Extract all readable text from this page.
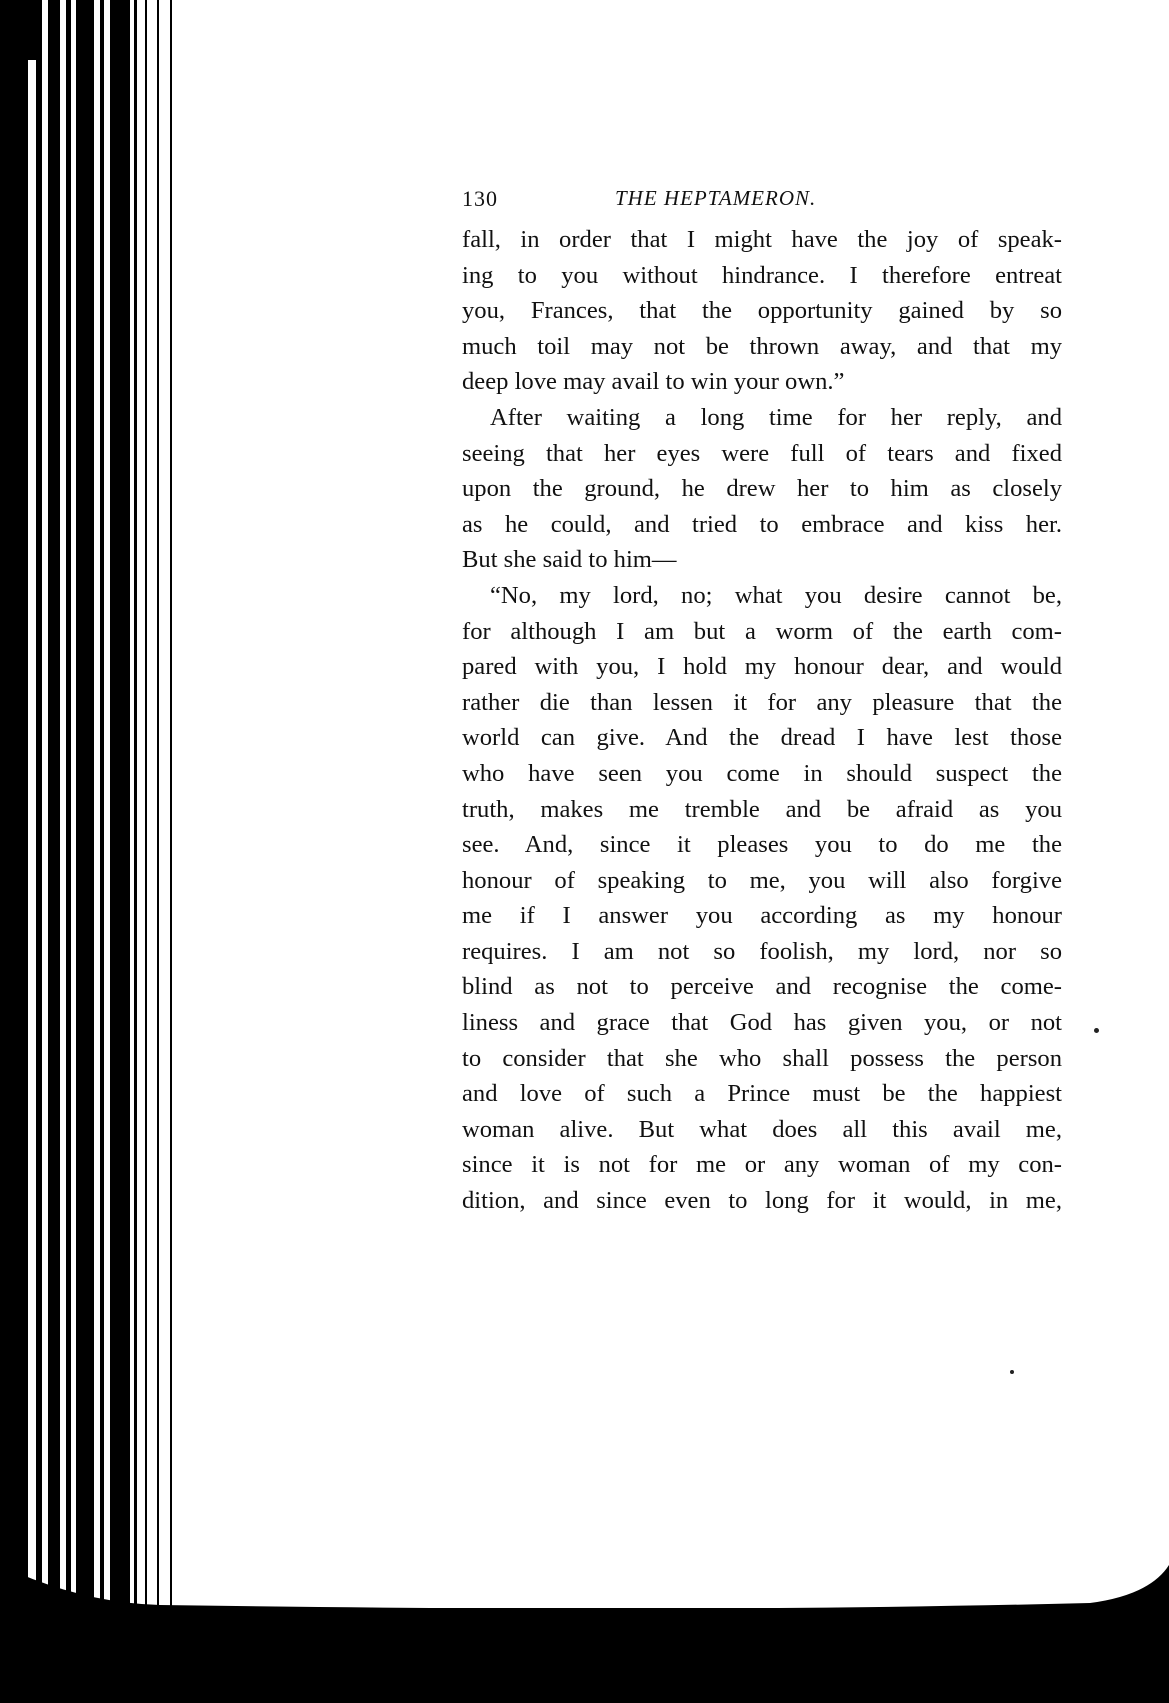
130	THE HEPTAMERON.
fall, in order that I might have the joy of speak-
ing to you without hindrance. I therefore entreat
you, Frances, that the opportunity gained by so
much toil may not be thrown away, and that my
deep love may avail to win your own.”
After waiting a long time for her reply, and
seeing that her eyes were full of tears and fixed
upon the ground, he drew her to him as closely
as he could, and tried to embrace and kiss her.
But she said to him—
“No, my lord, no; what you desire cannot be,
for although I am but a worm of the earth com-
pared with you, I hold my honour dear, and would
rather die than lessen it for any pleasure that the
world can give. And the dread I have lest those
who have seen you come in should suspect the
truth, makes me tremble and be afraid as you
see. And, since it pleases you to do me the
honour of speaking to me, you will also forgive
me if I answer you according as my honour
requires. I am not so foolish, my lord, nor so
blind as not to perceive and recognise the come-
liness and grace that God has given you, or not
to consider that she who shall possess the person
and love of such a Prince must be the happiest
woman alive. But what does all this avail me,
since it is not for me or any woman of my con-
dition, and since even to long for it would, in me,
